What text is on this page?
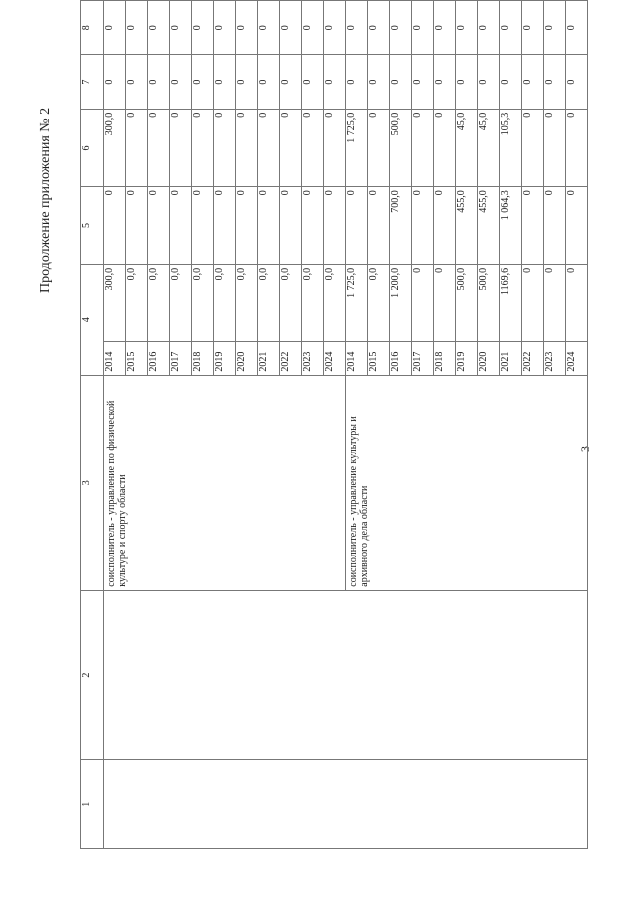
3
Продолжение приложения № 2
1	2	3	4		5	6	7	8
		соисполнитель - управление по физической культуре и спорту области	2014	300,0	0	300,0	0	0
			2015	0,0	0	0	0	0
			2016	0,0	0	0	0	0
			2017	0,0	0	0	0	0
			2018	0,0	0	0	0	0
			2019	0,0	0	0	0	0
			2020	0,0	0	0	0	0
			2021	0,0	0	0	0	0
			2022	0,0	0	0	0	0
			2023	0,0	0	0	0	0
			2024	0,0	0	0	0	0
		соисполнитель - управление культуры и архивного дела области	2014	1 725,0	0	1 725,0	0	0
			2015	0,0	0	0	0	0
			2016	1 200,0	700,0	500,0	0	0
			2017	0	0	0	0	0
			2018	0	0	0	0	0
			2019	500,0	455,0	45,0	0	0
			2020	500,0	455,0	45,0	0	0
			2021	1169,6	1 064,3	105,3	0	0
			2022	0	0	0	0	0
			2023	0	0	0	0	0
			2024	0	0	0	0	0
